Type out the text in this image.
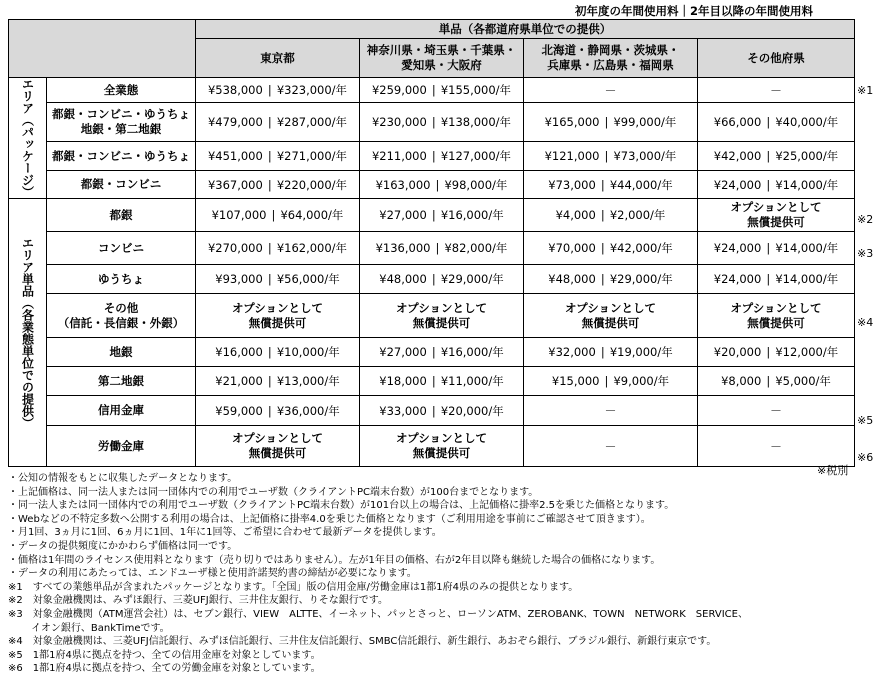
初年度の年間使用料｜2年目以降の年間使用料
		単品（各都道府県単位での提供）			
		東京都	神奈川県・埼玉県・千葉県・
愛知県・大阪府	北海道・静岡県・茨城県・
兵庫県・広島県・福岡県	その他府県
エリア（パッケージ）	全業態	¥538,000 | ¥323,000/年	¥259,000 | ¥155,000/年	－	－
	都銀・コンビニ・ゆうちょ
地銀・第二地銀	¥479,000 | ¥287,000/年	¥230,000 | ¥138,000/年	¥165,000 | ¥99,000/年	¥66,000 | ¥40,000/年
	都銀・コンビニ・ゆうちょ	¥451,000 | ¥271,000/年	¥211,000 | ¥127,000/年	¥121,000 | ¥73,000/年	¥42,000 | ¥25,000/年
	都銀・コンビニ	¥367,000 | ¥220,000/年	¥163,000 | ¥98,000/年	¥73,000 | ¥44,000/年	¥24,000 | ¥14,000/年
エリア単品（各業態単位での提供）	都銀	¥107,000 | ¥64,000/年	¥27,000 | ¥16,000/年	¥4,000 | ¥2,000/年	オプションとして
無償提供可
	コンビニ	¥270,000 | ¥162,000/年	¥136,000 | ¥82,000/年	¥70,000 | ¥42,000/年	¥24,000 | ¥14,000/年
	ゆうちょ	¥93,000 | ¥56,000/年	¥48,000 | ¥29,000/年	¥48,000 | ¥29,000/年	¥24,000 | ¥14,000/年
	その他
（信託・長信銀・外銀）	オプションとして
無償提供可	オプションとして
無償提供可	オプションとして
無償提供可	オプションとして
無償提供可
	地銀	¥16,000 | ¥10,000/年	¥27,000 | ¥16,000/年	¥32,000 | ¥19,000/年	¥20,000 | ¥12,000/年
	第二地銀	¥21,000 | ¥13,000/年	¥18,000 | ¥11,000/年	¥15,000 | ¥9,000/年	¥8,000 | ¥5,000/年
	信用金庫	¥59,000 | ¥36,000/年	¥33,000 | ¥20,000/年	－	－
	労働金庫	オプションとして
無償提供可	オプションとして
無償提供可	－	－
※1
※2
※3
※4
※5
※6
※税別
・公知の情報をもとに収集したデータとなります。
・上記価格は、同一法人または同一団体内での利用でユーザ数（クライアントPC端末台数）が100台までとなります。
・同一法人または同一団体内での利用でユーザ数（クライアントPC端末台数）が101台以上の場合は、上記価格に掛率2.5を乗じた価格となります。
・Webなどの不特定多数へ公開する利用の場合は、上記価格に掛率4.0を乗じた価格となります（ご利用用途を事前にご確認させて頂きます）。
・月1回、3ヵ月に1回、6ヵ月に1回、1年に1回等、ご希望に合わせて最新データを提供します。
・データの提供頻度にかかわらず価格は同一です。
・価格は1年間のライセンス使用料となります（売り切りではありません）。左が1年目の価格、右が2年目以降も継続した場合の価格になります。
・データの利用にあたっては、エンドユーザ様と使用許諾契約書の締結が必要になります。
※1　すべての業態単品が含まれたパッケージとなります。「全国」版の信用金庫/労働金庫は1都1府4県のみの提供となります。
※2　対象金融機関は、みずほ銀行、三菱UFJ銀行、三井住友銀行、りそな銀行です。
※3　対象金融機関（ATM運営会社）は、セブン銀行、VIEW　ALTTE、イーネット、パッとさっと、ローソンATM、ZEROBANK、TOWN　NETWORK　SERVICE、
　　 イオン銀行、BankTimeです。
※4　対象金融機関は、三菱UFJ信託銀行、みずほ信託銀行、三井住友信託銀行、SMBC信託銀行、新生銀行、あおぞら銀行、ブラジル銀行、新銀行東京です。
※5　1都1府4県に拠点を持つ、全ての信用金庫を対象としています。
※6　1都1府4県に拠点を持つ、全ての労働金庫を対象としています。
